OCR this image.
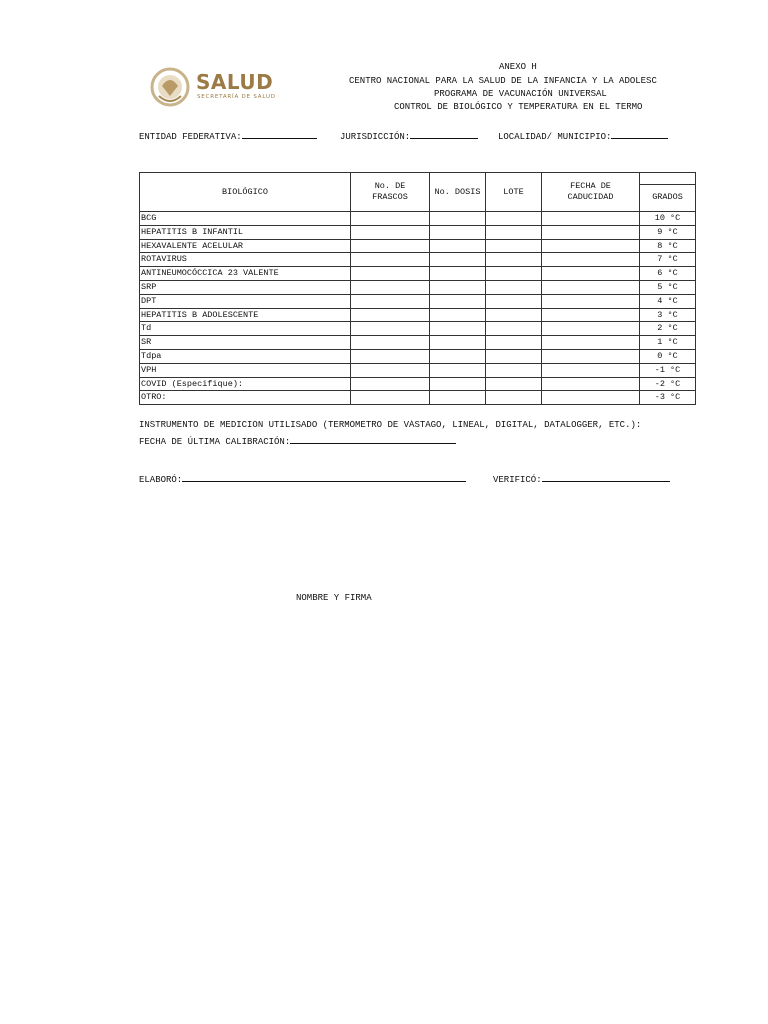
SALUD
SECRETARÍA DE SALUD
ANEXO H
CENTRO NACIONAL PARA LA SALUD DE LA INFANCIA Y LA ADOLESC
PROGRAMA DE VACUNACIÓN UNIVERSAL
CONTROL DE BIOLÓGICO Y TEMPERATURA EN EL TERMO
ENTIDAD FEDERATIVA:	JURISDICCIÓN:	LOCALIDAD/ MUNICIPIO:
BIOLÓGICO	No. DE FRASCOS	No. DOSIS	LOTE	FECHA DE CADUCIDAD	
					GRADOS
BCG					10 °C
HEPATITIS B INFANTIL					9 °C
HEXAVALENTE ACELULAR					8 °C
ROTAVIRUS					7 °C
ANTINEUMOCÓCCICA 23 VALENTE					6 °C
SRP					5 °C
DPT					4 °C
HEPATITIS B ADOLESCENTE					3 °C
Td					2 °C
SR					1 °C
Tdpa					0 °C
VPH					-1 °C
COVID (Especifique):					-2 °C
OTRO:					-3 °C
INSTRUMENTO DE MEDICIÓN UTILISADO (TERMÓMETRO DE VÁSTAGO, LINEAL, DIGITAL, DATALOGGER, ETC.):
FECHA DE ÚLTIMA CALIBRACIÓN:
ELABORÓ:	VERIFICÓ:
NOMBRE Y FIRMA
